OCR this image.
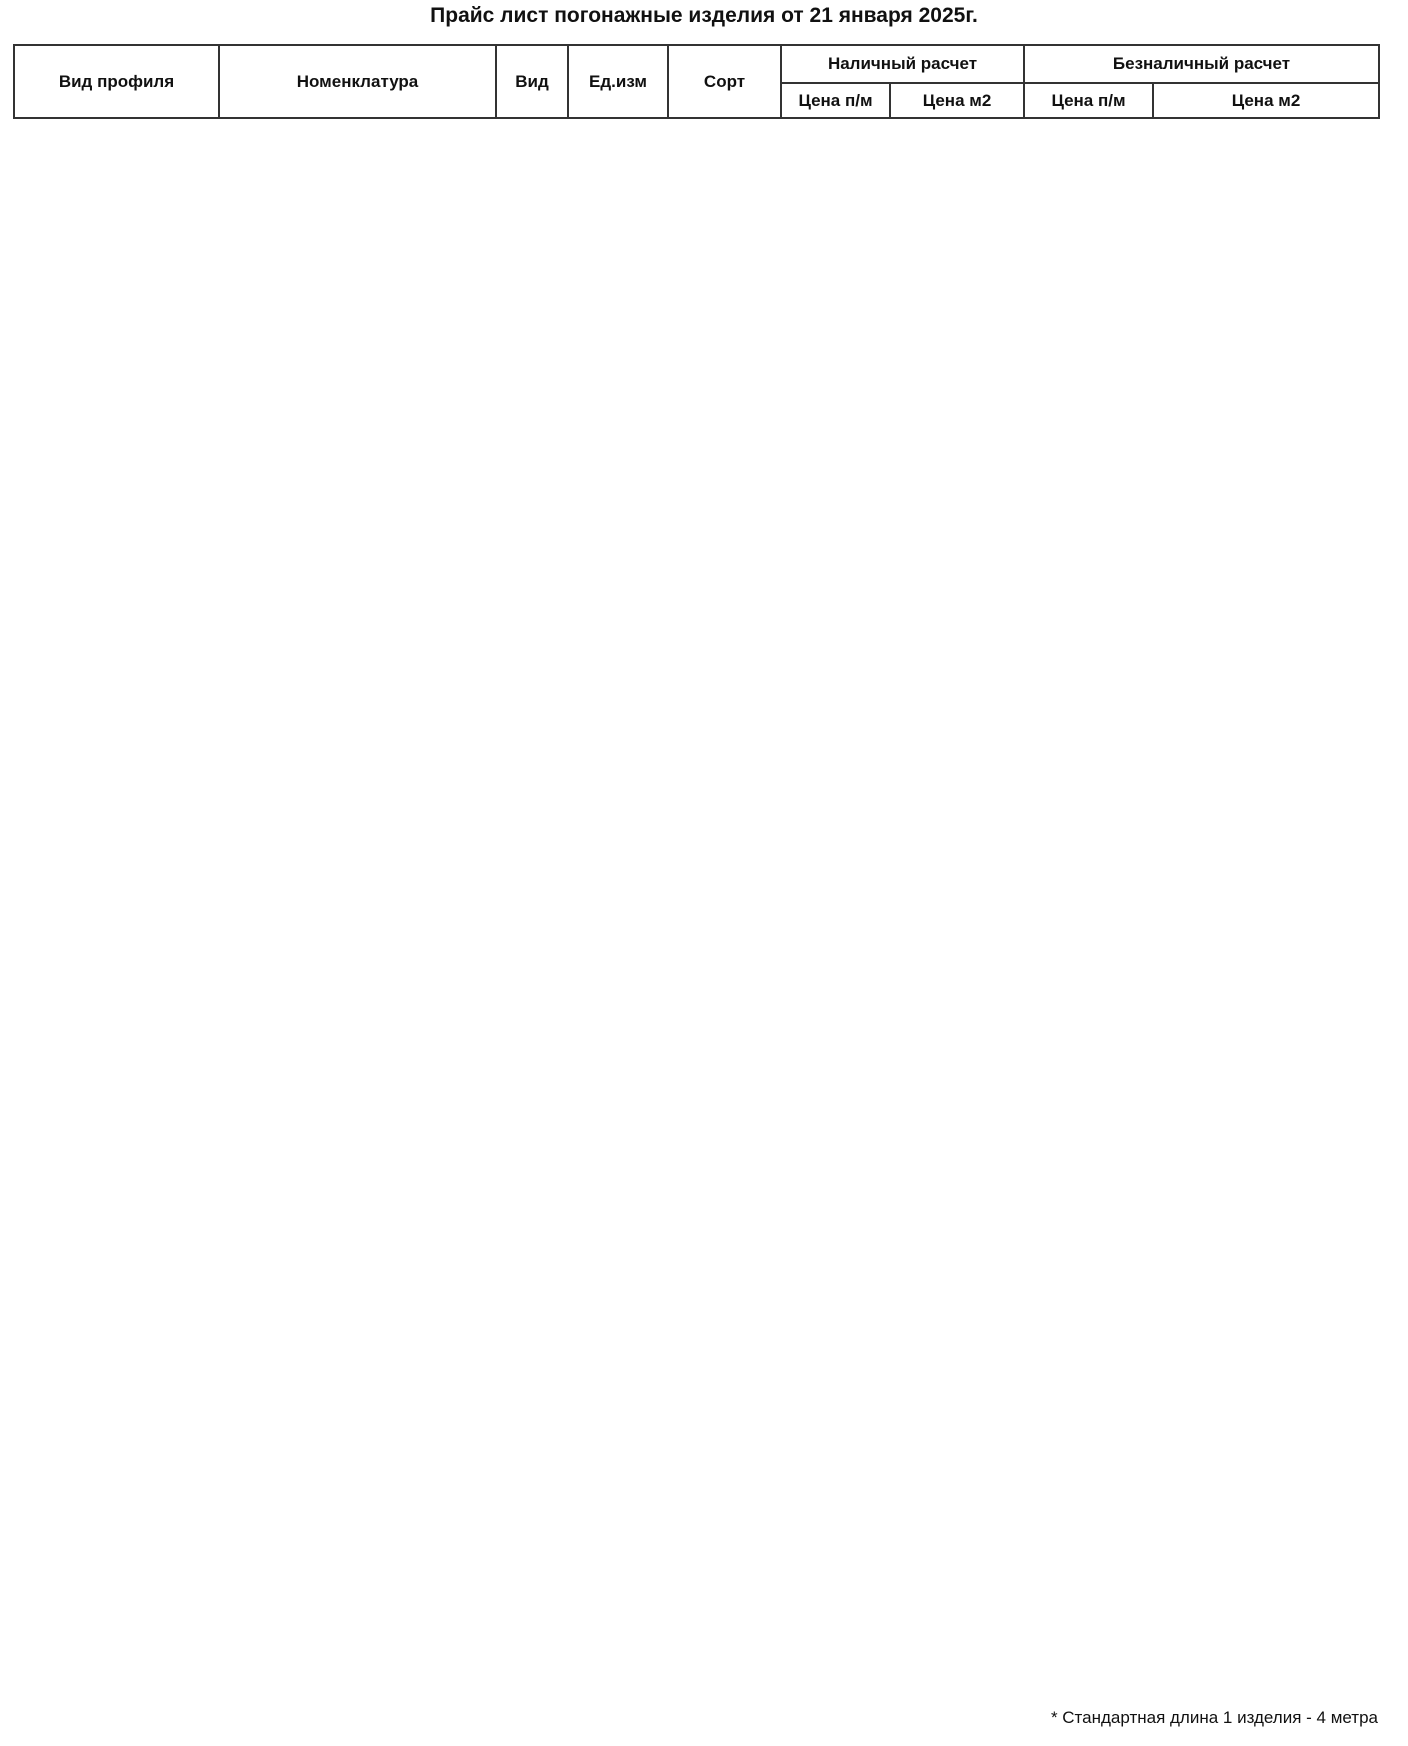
Прайс лист погонажные изделия от 21 января 2025г.
Вид профиля	Номенклатура	Вид	Ед.изм	Сорт	Наличный расчет		Безналичный расчет	
					Цена п/м	Цена м2	Цена п/м	Цена м2
* Стандартная длина 1 изделия - 4 метра
